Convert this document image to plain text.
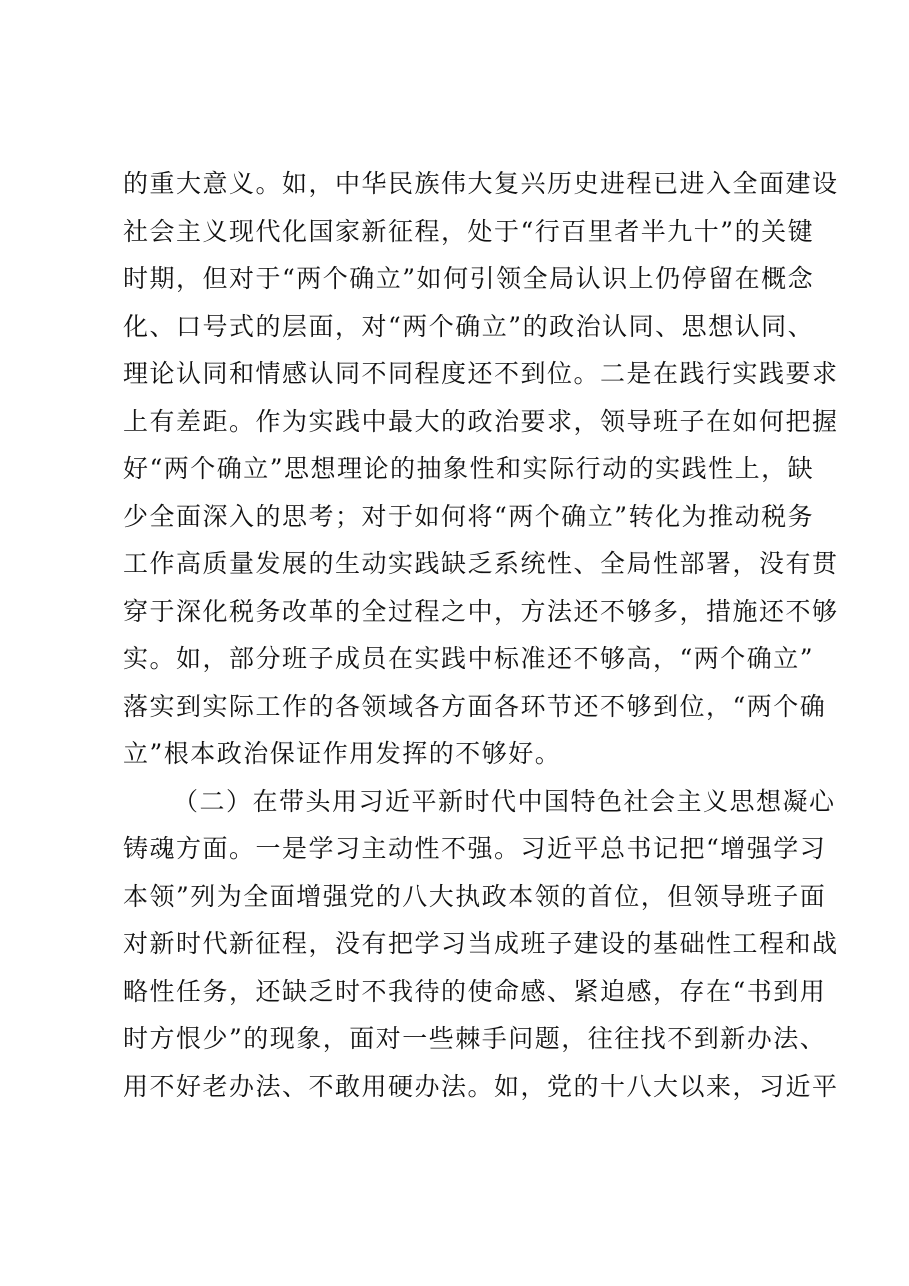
的重大意义。如，中华民族伟大复兴历史进程已进入全面建设
社会主义现代化国家新征程，处于“行百里者半九十”的关键
时期，但对于“两个确立”如何引领全局认识上仍停留在概念
化、口号式的层面，对“两个确立”的政治认同、思想认同、
理论认同和情感认同不同程度还不到位。二是在践行实践要求
上有差距。作为实践中最大的政治要求，领导班子在如何把握
好“两个确立”思想理论的抽象性和实际行动的实践性上，缺
少全面深入的思考；对于如何将“两个确立”转化为推动税务
工作高质量发展的生动实践缺乏系统性、全局性部署，没有贯
穿于深化税务改革的全过程之中，方法还不够多，措施还不够
实。如，部分班子成员在实践中标准还不够高，“两个确立”
落实到实际工作的各领域各方面各环节还不够到位，“两个确
立”根本政治保证作用发挥的不够好。
（二）在带头用习近平新时代中国特色社会主义思想凝心
铸魂方面。一是学习主动性不强。习近平总书记把“增强学习
本领”列为全面增强党的八大执政本领的首位，但领导班子面
对新时代新征程，没有把学习当成班子建设的基础性工程和战
略性任务，还缺乏时不我待的使命感、紧迫感，存在“书到用
时方恨少”的现象，面对一些棘手问题，往往找不到新办法、
用不好老办法、不敢用硬办法。如，党的十八大以来，习近平
